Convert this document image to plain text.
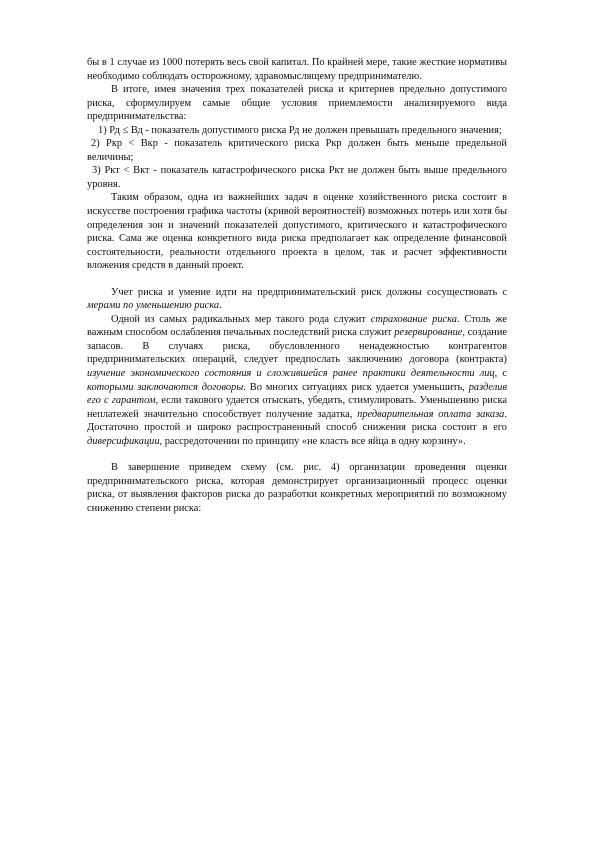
бы в 1 случае из 1000 потерять весь свой капитал. По крайней мере, такие жесткие нормативы необходимо соблюдать осторожному, здравомыслящему предпринимателю.

В итоге, имея значения трех показателей риска и критериев предельно допустимого риска, сформулируем самые общие условия приемлемости анализируемого вида предпринимательства:

1) Рд ≤ Вд - показатель допустимого риска Рд не должен превышать предельного значения;

2) Ркр < Вкр - показатель критического риска Ркр должен быть меньше предельной величины;

3) Ркт < Вкт - показатель катастрофического риска Ркт не должен быть выше предельного уровня.

Таким образом, одна из важнейших задач в оценке хозяйственного риска состоит в искусстве построения графика частоты (кривой вероятностей) возможных потерь или хотя бы определения зон и значений показателей допустимого, критического и катастрофического риска. Сама же оценка конкретного вида риска предполагает как определение финансовой состоятельности, реальности отдельного проекта в целом, так и расчет эффективности вложения средств в данный проект.

Учет риска и умение идти на предпринимательский риск должны сосуществовать с мерами по уменьшению риска.

Одной из самых радикальных мер такого рода служит страхование риска. Столь же важным способом ослабления печальных последствий риска служит резервирование, создание запасов. В случаях риска, обусловленного ненадежностью контрагентов предпринимательских операций, следует предпослать заключению договора (контракта) изучение экономического состояния и сложившейся ранее практики деятельности лиц, с которыми заключаются договоры. Во многих ситуациях риск удается уменьшить, разделив его с гарантом, если такового удается отыскать, убедить, стимулировать. Уменьшению риска неплатежей значительно способствует получение задатка, предварительная оплата заказа. Достаточно простой и широко распространенный способ снижения риска состоит в его диверсификации, рассредоточении по принципу «не класть все яйца в одну корзину».

В завершение приведем схему (см. рис. 4) организации проведения оценки предпринимательского риска, которая демонстрирует организационный процесс оценки риска, от выявления факторов риска до разработки конкретных мероприятий по возможному снижению степени риска:
